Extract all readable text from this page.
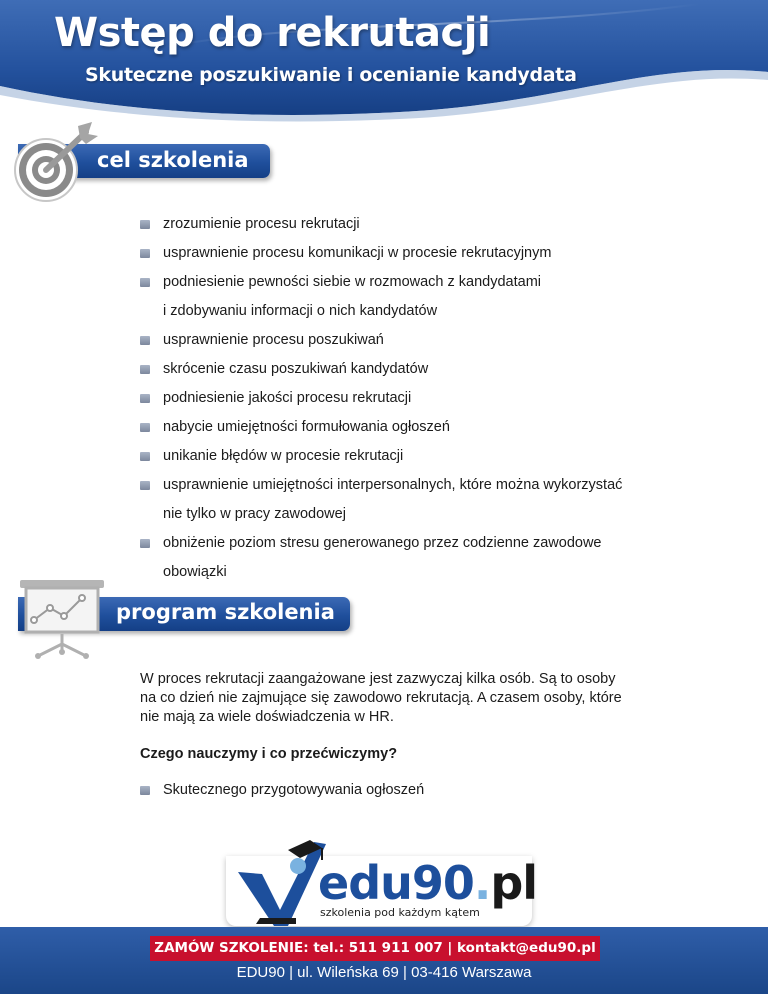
Wstęp do rekrutacji
Skuteczne poszukiwanie i ocenianie kandydata
cel szkolenia
zrozumienie procesu rekrutacji
usprawnienie procesu komunikacji w procesie rekrutacyjnym
podniesienie pewności siebie w rozmowach z kandydatami
i zdobywaniu informacji o nich kandydatów
usprawnienie procesu poszukiwań
skrócenie czasu poszukiwań kandydatów
podniesienie jakości procesu rekrutacji
nabycie umiejętności formułowania ogłoszeń
unikanie błędów w procesie rekrutacji
usprawnienie umiejętności interpersonalnych, które można wykorzystać
nie tylko w pracy zawodowej
obniżenie poziom stresu generowanego przez codzienne zawodowe
obowiązki
program szkolenia

W proces rekrutacji zaangażowane jest zazwyczaj kilka osób. Są to osoby

na co dzień nie zajmujące się zawodowo rekrutacją. A czasem osoby, które

nie mają za wiele doświadczenia w HR.

Czego nauczymy i co przećwiczymy?
Skutecznego przygotowywania ogłoszeń
edu90.pl
szkolenia pod każdym kątem
ZAMÓW SZKOLENIE: tel.: 511 911 007 | kontakt@edu90.pl
EDU90 | ul. Wileńska 69 | 03-416 Warszawa
